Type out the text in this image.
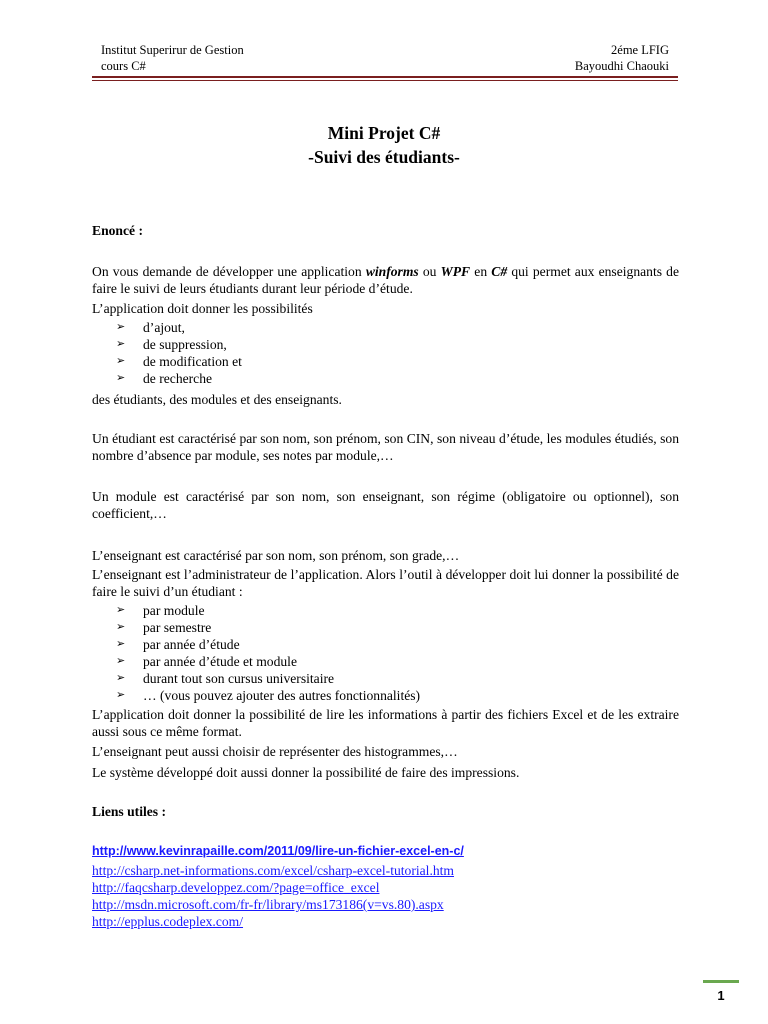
Institut Superirur de Gestion
cours C#
2éme LFIG
Bayoudhi Chaouki
Mini Projet C#
-Suivi des étudiants-
Enoncé :
On vous demande de développer une application winforms ou WPF en C# qui permet aux enseignants de faire le suivi de leurs étudiants durant leur période d’étude.
L’application doit donner les possibilités
➢ d’ajout,
➢ de suppression,
➢ de modification et
➢ de recherche
des étudiants, des modules et des enseignants.
Un étudiant est caractérisé par son nom, son prénom, son CIN, son niveau d’étude, les modules étudiés, son nombre d’absence par module, ses notes par module,…
Un module est caractérisé par son nom, son enseignant, son régime (obligatoire ou optionnel), son coefficient,…
L’enseignant est caractérisé par son nom, son prénom, son grade,…
L’enseignant est l’administrateur de l’application. Alors l’outil à développer doit lui donner la possibilité de faire le suivi d’un étudiant :
➢ par module
➢ par semestre
➢ par année d’étude
➢ par année d’étude et module
➢ durant tout son cursus universitaire
➢ … (vous pouvez ajouter des autres fonctionnalités)
L’application doit donner la possibilité de lire les informations à partir des fichiers Excel et de les extraire aussi sous ce même format.
L’enseignant peut aussi choisir de représenter des histogrammes,…
Le système développé doit aussi donner la possibilité de faire des impressions.
Liens utiles :
http://www.kevinrapaille.com/2011/09/lire-un-fichier-excel-en-c/
http://csharp.net-informations.com/excel/csharp-excel-tutorial.htm
http://faqcsharp.developpez.com/?page=office_excel
http://msdn.microsoft.com/fr-fr/library/ms173186(v=vs.80).aspx
http://epplus.codeplex.com/
1
